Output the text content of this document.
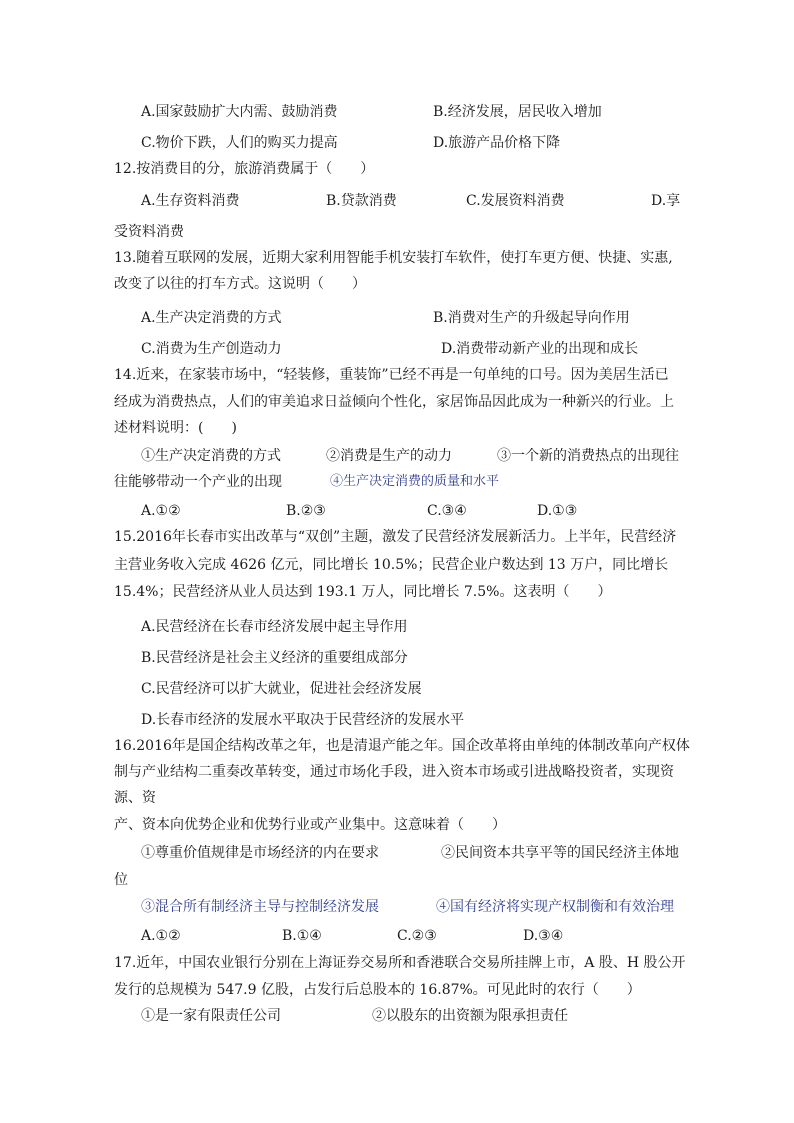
A.国家鼓励扩大内需、鼓励消费	B.经济发展，居民收入增加
C.物价下跌，人们的购买力提高	D.旅游产品价格下降
12.按消费目的分，旅游消费属于（　　）
A.生存资料消费	B.贷款消费	C.发展资料消费	D.享
受资料消费
13.随着互联网的发展，近期大家利用智能手机安装打车软件，使打车更方便、快捷、实惠,
改变了以往的打车方式。这说明（　　）
A.生产决定消费的方式	B.消费对生产的升级起导向作用
C.消费为生产创造动力	D.消费带动新产业的出现和成长
14.近来，在家装市场中，“轻装修，重装饰”已经不再是一句单纯的口号。因为美居生活已
经成为消费热点，人们的审美追求日益倾向个性化，家居饰品因此成为一种新兴的行业。上
述材料说明：(　　)
①生产决定消费的方式	②消费是生产的动力	③一个新的消费热点的出现往
往能够带动一个产业的出现	④生产决定消费的质量和水平
A.①②	B.②③	C.③④	D.①③
15.2016年长春市实出改革与“双创”主题，激发了民营经济发展新活力。上半年，民营经济
主营业务收入完成 4626 亿元，同比增长 10.5%；民营企业户数达到 13 万户，同比增长
15.4%；民营经济从业人员达到 193.1 万人，同比增长 7.5%。这表明（　　）
A.民营经济在长春市经济发展中起主导作用
B.民营经济是社会主义经济的重要组成部分
C.民营经济可以扩大就业，促进社会经济发展
D.长春市经济的发展水平取决于民营经济的发展水平
16.2016年是国企结构改革之年，也是清退产能之年。国企改革将由单纯的体制改革向产权体
制与产业结构二重奏改革转变，通过市场化手段，进入资本市场或引进战略投资者，实现资
源、资
产、资本向优势企业和优势行业或产业集中。这意味着（　　）
①尊重价值规律是市场经济的内在要求	②民间资本共享平等的国民经济主体地
位
③混合所有制经济主导与控制经济发展	④国有经济将实现产权制衡和有效治理
A.①②	B.①④	C.②③	D.③④
17.近年，中国农业银行分别在上海证券交易所和香港联合交易所挂牌上市，A 股、H 股公开
发行的总规模为 547.9 亿股，占发行后总股本的 16.87%。可见此时的农行（　　）
①是一家有限责任公司	②以股东的出资额为限承担责任
